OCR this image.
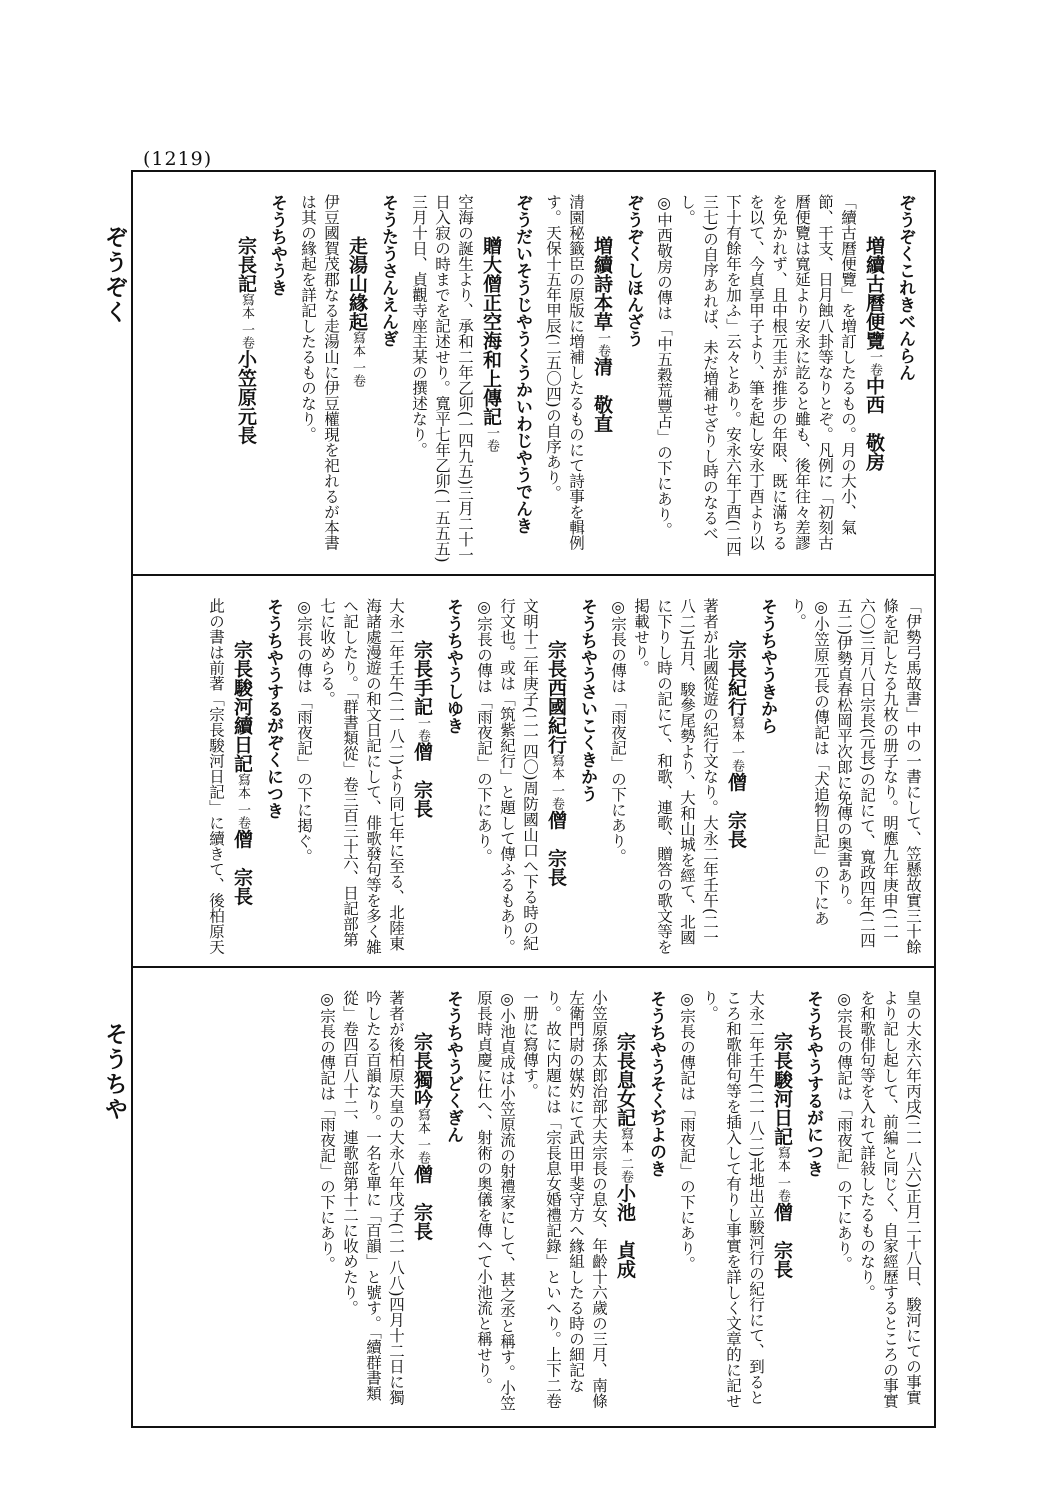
(1219)
ぞうぞく
そうちや

ぞうぞくこれきべんらん

増續古曆便覽一卷中西　敬房

「續古曆便覽」を増訂したるもの。月の大小、氣節、干支、日月蝕八卦等なりとぞ。凡例に「初刻古曆便覽は寬延より安永に訖ると雖も、後年往々差謬を免かれず、且中根元圭が推步の年限、既に滿ちるを以て、今貞享甲子より、筆を起し安永丁酉より以下十有餘年を加ふ」云々とあり。安永六年丁酉(二四三七)の自序あれば、未だ増補せざりし時のなるべし。

◎中西敬房の傳は「中五穀荒豐占」の下にあり。

ぞうぞくしほんざう

増續詩本草一卷清　敬直

清園秘籤臣の原版に増補したるものにて詩事を輯例す。天保十五年甲辰(二五〇四)の自序あり。

ぞうだいそうじやうくうかいわじやうでんき

贈大僧正空海和上傳記一卷

空海の誕生より、承和二年乙卯(一四九五)三月二十一日入寂の時までを記述せり。寬平七年乙卯(一五五五)三月十日、貞觀寺座主某の撰述なり。

そうたうさんえんぎ

走湯山緣起寫本 一卷

伊豆國賀茂郡なる走湯山に伊豆權現を祀れるが本書は其の緣起を詳記したるものなり。

そうちやうき

宗長記寫本 一卷小笠原元長

「伊勢弓馬故書」中の一書にして、笠懸故實三十餘條を記したる九枚の册子なり。明應九年庚申(二一六〇)三月八日宗長(元長)の記にて、寬政四年(二四五二)伊勢貞春松岡平次郎に免傳の奥書あり。

◎小笠原元長の傳記は「犬追物日記」の下にあり。

そうちやうきから

宗長紀行寫本 一卷僧　宗長

著者が北國從遊の紀行文なり。大永二年壬午(二一八二)五月、駿參尾勢より、大和山城を經て、北國に下りし時の記にて、和歌、連歌、贈答の歌文等を掲載せり。

◎宗長の傳は「雨夜記」の下にあり。

そうちやうさいこくきかう

宗長西國紀行寫本 一卷僧　宗長

文明十二年庚子(二一四〇)周防國山口へ下る時の紀行文也。或は「筑紫紀行」と題して傳ふるもあり。

◎宗長の傳は「雨夜記」の下にあり。

そうちやうしゆき

宗長手記一卷僧　宗長

大永二年壬午(二一八二)より同七年に至る、北陸東海諸處漫遊の和文日記にして、俳歌發句等を多く雑へ記したり。「群書類從」卷三百三十六、日記部第七に收めらる。

◎宗長の傳は「雨夜記」の下に掲ぐ。

そうちやうするがぞくにつき

宗長駿河續日記寫本 一卷僧　宗長

此の書は前著「宗長駿河日記」に續きて、後柏原天

皇の大永六年丙戌(二一八六)正月二十八日、駿河にての事實より記し起して、前編と同じく、自家經歷するところの事實を和歌俳句等を入れて詳敍したるものなり。

◎宗長の傳記は「雨夜記」の下にあり。

そうちやうするがにつき

宗長駿河日記寫本 一卷僧　宗長

大永二年壬午(二一八二)北地出立駿河行の紀行にて、到るところ和歌俳句等を插入して有りし事實を詳しく文章的に記せり。

◎宗長の傳記は「雨夜記」の下にあり。

そうちやうそくぢよのき

宗長息女記寫本 二卷小池　貞成

小笠原孫太郎治部大夫宗長の息女、年齡十六歲の三月、南條左衛門尉の媒妁にて武田甲斐守方へ緣組したる時の細記なり。故に内題には「宗長息女婚禮記錄」といへり。上下二卷一册に寫傳す。

◎小池貞成は小笠原流の射禮家にして、甚之丞と稱す。小笠原長時貞慶に仕へ、射術の奥儀を傳へて小池流と稱せり。

そうちやうどくぎん

宗長獨吟寫本 一卷僧　宗長

著者が後柏原天皇の大永八年戊子(二一八八)四月十二日に獨吟したる百韻なり。一名を單に「百韻」と號す。「續群書類從」卷四百八十二、連歌部第十二に收めたり。

◎宗長の傳記は「雨夜記」の下にあり。
